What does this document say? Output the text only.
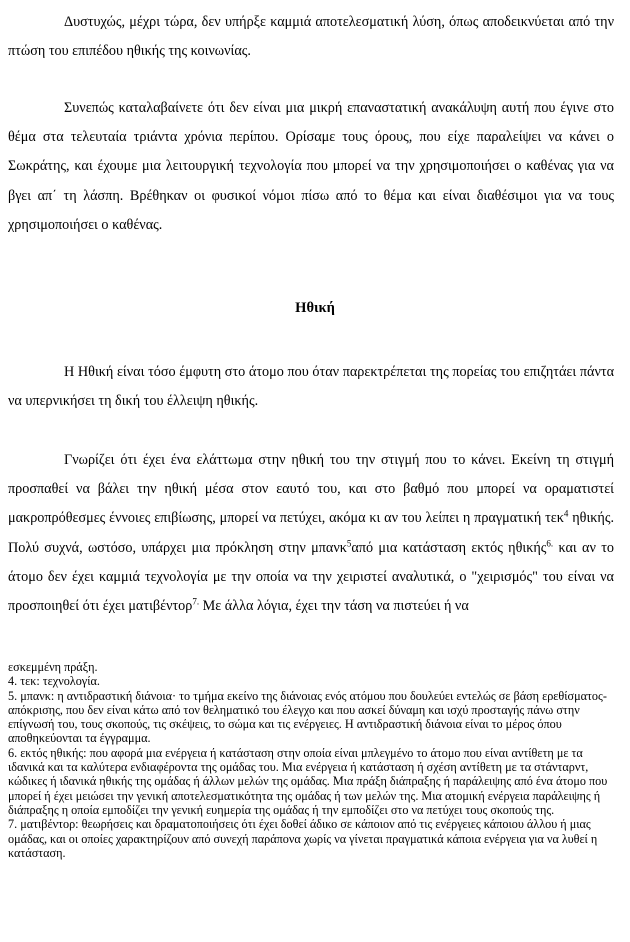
Δυστυχώς, μέχρι τώρα, δεν υπήρξε καμμιά αποτελεσματική λύση, όπως αποδεικνύεται από την πτώση του επιπέδου ηθικής της κοινωνίας.

Συνεπώς καταλαβαίνετε ότι δεν είναι μια μικρή επαναστατική ανακάλυψη αυτή που έγινε στο θέμα στα τελευταία τριάντα χρόνια περίπου. Ορίσαμε τους όρους, που είχε παραλείψει να κάνει ο Σωκράτης, και έχουμε μια λειτουργική τεχνολογία που μπορεί να την χρησιμοποιήσει ο καθένας για να βγει απ΄ τη λάσπη. Βρέθηκαν οι φυσικοί νόμοι πίσω από το θέμα και είναι διαθέσιμοι για να τους χρησιμοποιήσει ο καθένας.

Ηθική

Η Ηθική είναι τόσο έμφυτη στο άτομο που όταν παρεκτρέπεται της πορείας του επιζητάει πάντα να υπερνικήσει τη δική του έλλειψη ηθικής.

Γνωρίζει ότι έχει ένα ελάττωμα στην ηθική του την στιγμή που το κάνει. Εκείνη τη στιγμή προσπαθεί να βάλει την ηθική μέσα στον εαυτό του, και στο βαθμό που μπορεί να οραματιστεί μακροπρόθεσμες έννοιες επιβίωσης, μπορεί να πετύχει, ακόμα κι αν του λείπει η πραγματική τεκ$^4$ ηθικής. Πολύ συχνά, ωστόσο, υπάρχει μια πρόκληση στην μπανκ$^5$από μια κατάσταση εκτός ηθικής$^{6.}$ και αν το άτομο δεν έχει καμμιά τεχνολογία με την οποία να την χειριστεί αναλυτικά, ο "χειρισμός" του είναι να προσποιηθεί ότι έχει ματιβέντορ$^{7.}$ Με άλλα λόγια, έχει την τάση να πιστεύει ή να

εσκεμμένη πράξη.
4. τεκ: τεχνολογία.
5. μπανκ: η αντιδραστική διάνοια· το τμήμα εκείνο της διάνοιας ενός ατόμου που δουλεύει εντελώς σε βάση ερεθίσματος-απόκρισης, που δεν είναι κάτω από τον θεληματικό του έλεγχο και που ασκεί δύναμη και ισχύ προσταγής πάνω στην επίγνωσή του, τους σκοπούς, τις σκέψεις, το σώμα και τις ενέργειες. Η αντιδραστική διάνοια είναι το μέρος όπου αποθηκεύονται τα έγγραμμα.
6. εκτός ηθικής: που αφορά μια ενέργεια ή κατάσταση στην οποία είναι μπλεγμένο το άτομο που είναι αντίθετη με τα ιδανικά και τα καλύτερα ενδιαφέροντα της ομάδας του. Μια ενέργεια ή κατάσταση ή σχέση αντίθετη με τα στάνταρντ, κώδικες ή ιδανικά ηθικής της ομάδας ή άλλων μελών της ομάδας. Μια πράξη διάπραξης ή παράλειψης από ένα άτομο που μπορεί ή έχει μειώσει την γενική αποτελεσματικότητα της ομάδας ή των μελών της. Μια ατομική ενέργεια παράλειψης ή διάπραξης η οποία εμποδίζει την γενική ευημερία της ομάδας ή την εμποδίζει στο να πετύχει τους σκοπούς της.
7. ματιβέντορ: θεωρήσεις και δραματοποιήσεις ότι έχει δοθεί άδικο σε κάποιον από τις ενέργειες κάποιου άλλου ή μιας ομάδας, και οι οποίες χαρακτηρίζουν από συνεχή παράπονα χωρίς να γίνεται πραγματικά κάποια ενέργεια για να λυθεί η κατάσταση.
